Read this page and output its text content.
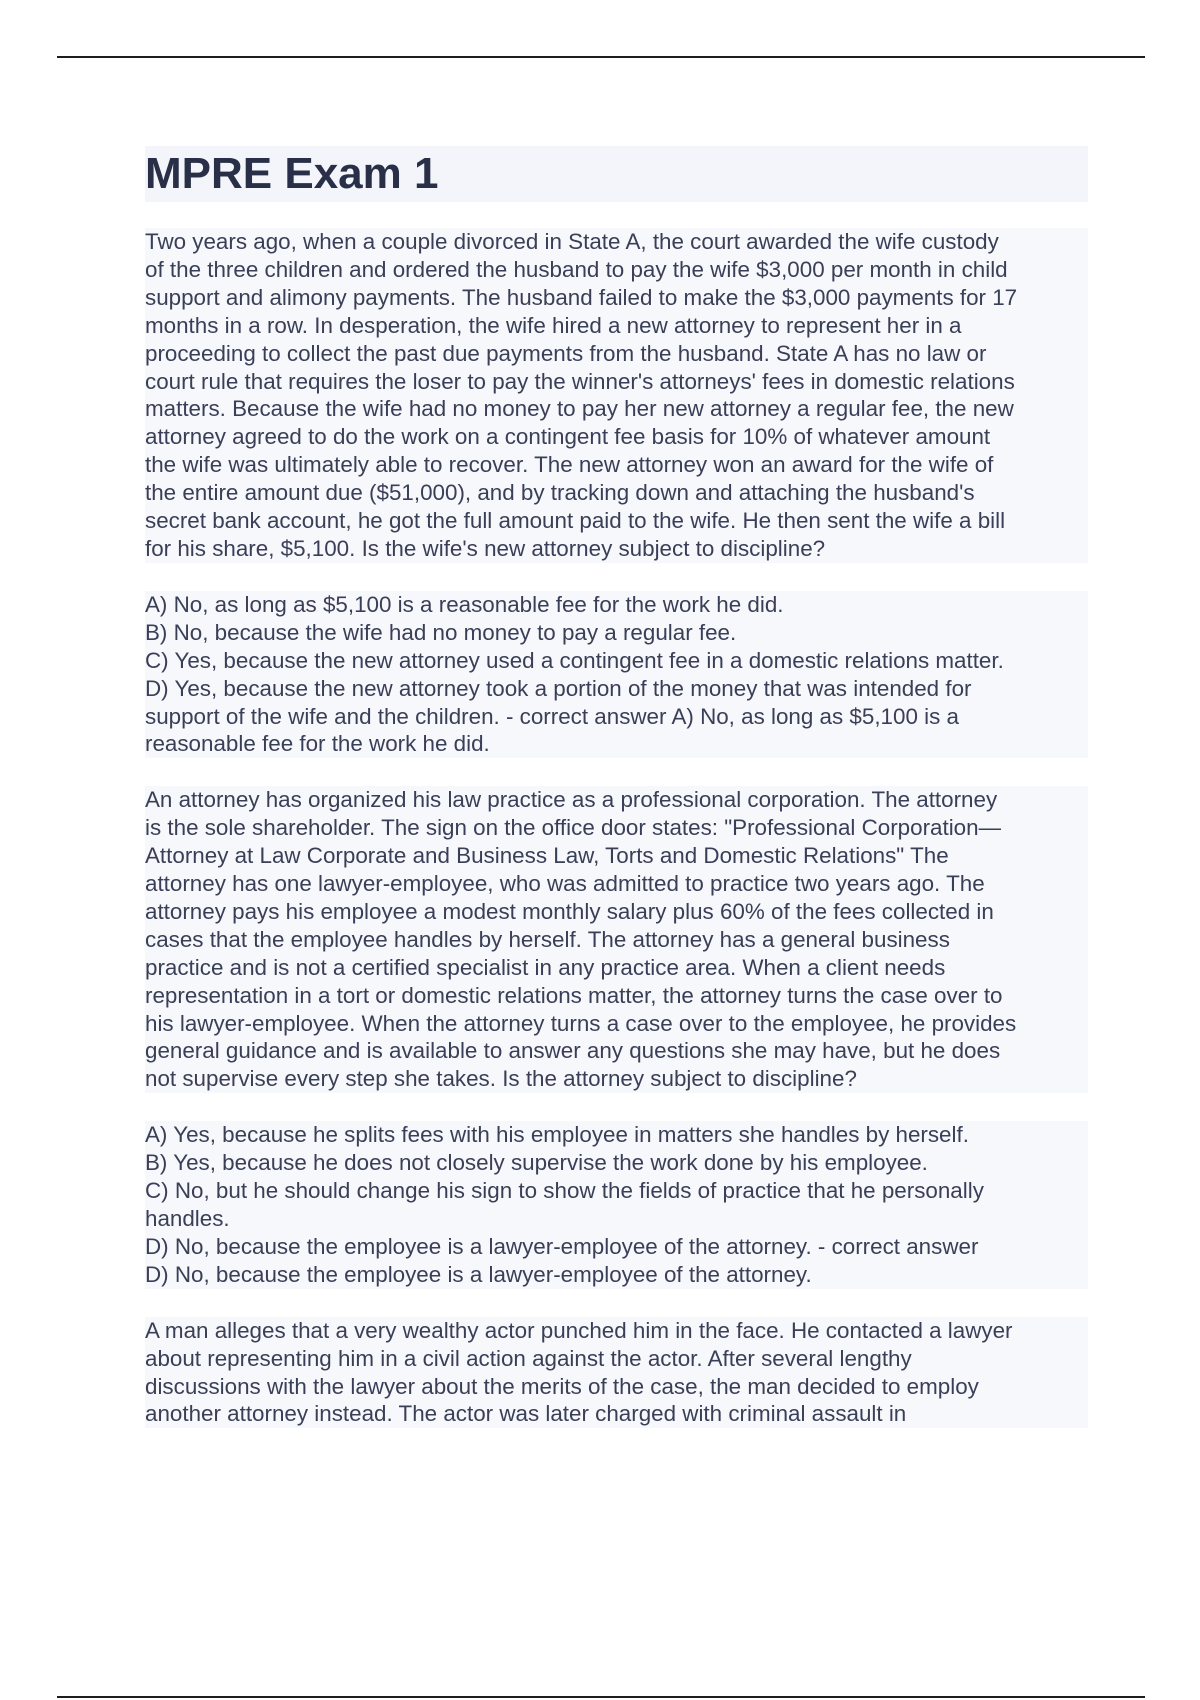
MPRE Exam 1
Two years ago, when a couple divorced in State A, the court awarded the wife custody
of the three children and ordered the husband to pay the wife $3,000 per month in child
support and alimony payments. The husband failed to make the $3,000 payments for 17
months in a row. In desperation, the wife hired a new attorney to represent her in a
proceeding to collect the past due payments from the husband. State A has no law or
court rule that requires the loser to pay the winner's attorneys' fees in domestic relations
matters. Because the wife had no money to pay her new attorney a regular fee, the new
attorney agreed to do the work on a contingent fee basis for 10% of whatever amount
the wife was ultimately able to recover. The new attorney won an award for the wife of
the entire amount due ($51,000), and by tracking down and attaching the husband's
secret bank account, he got the full amount paid to the wife. He then sent the wife a bill
for his share, $5,100. Is the wife's new attorney subject to discipline?
A) No, as long as $5,100 is a reasonable fee for the work he did.
B) No, because the wife had no money to pay a regular fee.
C) Yes, because the new attorney used a contingent fee in a domestic relations matter.
D) Yes, because the new attorney took a portion of the money that was intended for
support of the wife and the children. - correct answer A) No, as long as $5,100 is a
reasonable fee for the work he did.
An attorney has organized his law practice as a professional corporation. The attorney
is the sole shareholder. The sign on the office door states: "Professional Corporation—
Attorney at Law Corporate and Business Law, Torts and Domestic Relations" The
attorney has one lawyer-employee, who was admitted to practice two years ago. The
attorney pays his employee a modest monthly salary plus 60% of the fees collected in
cases that the employee handles by herself. The attorney has a general business
practice and is not a certified specialist in any practice area. When a client needs
representation in a tort or domestic relations matter, the attorney turns the case over to
his lawyer-employee. When the attorney turns a case over to the employee, he provides
general guidance and is available to answer any questions she may have, but he does
not supervise every step she takes. Is the attorney subject to discipline?
A) Yes, because he splits fees with his employee in matters she handles by herself.
B) Yes, because he does not closely supervise the work done by his employee.
C) No, but he should change his sign to show the fields of practice that he personally
handles.
D) No, because the employee is a lawyer-employee of the attorney. - correct answer
D) No, because the employee is a lawyer-employee of the attorney.
A man alleges that a very wealthy actor punched him in the face. He contacted a lawyer
about representing him in a civil action against the actor. After several lengthy
discussions with the lawyer about the merits of the case, the man decided to employ
another attorney instead. The actor was later charged with criminal assault in
